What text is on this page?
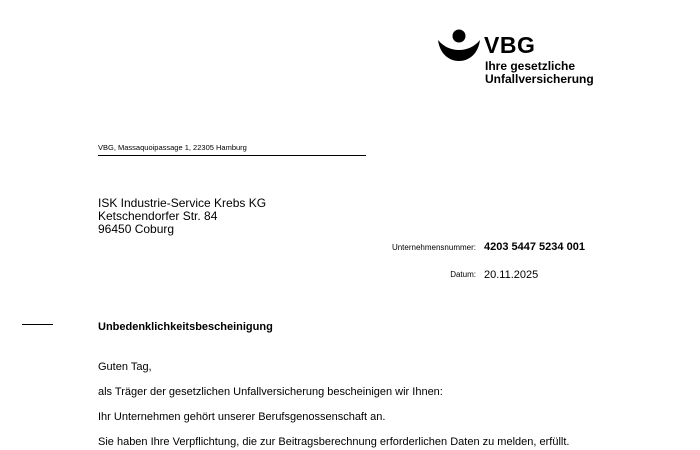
VBG
Ihre gesetzliche
Unfallversicherung
VBG, Massaquoipassage 1, 22305 Hamburg
ISK Industrie-Service Krebs KG
Ketschendorfer Str. 84
96450 Coburg
Unternehmensnummer: 4203 5447 5234 001
Datum: 20.11.2025
Unbedenklichkeitsbescheinigung
Guten Tag,
als Träger der gesetzlichen Unfallversicherung bescheinigen wir Ihnen:
Ihr Unternehmen gehört unserer Berufsgenossenschaft an.
Sie haben Ihre Verpflichtung, die zur Beitragsberechnung erforderlichen Daten zu melden, erfüllt.
